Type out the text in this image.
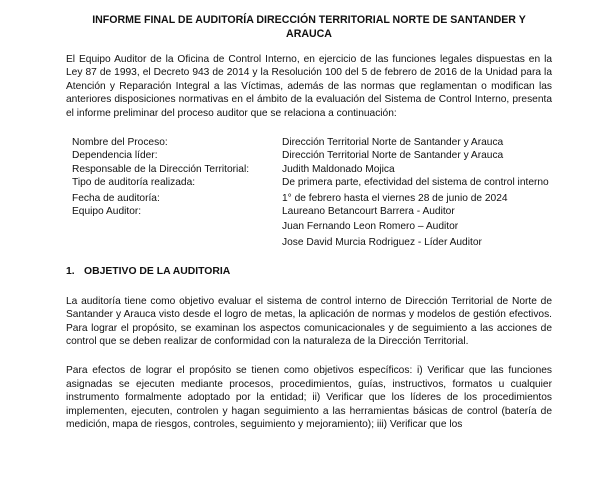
INFORME FINAL DE AUDITORÍA DIRECCIÓN TERRITORIAL NORTE DE SANTANDER Y ARAUCA
El Equipo Auditor de la Oficina de Control Interno, en ejercicio de las funciones legales dispuestas en la Ley 87 de 1993, el Decreto 943 de 2014 y la Resolución 100 del 5 de febrero de 2016 de la Unidad para la Atención y Reparación Integral a las Víctimas, además de las normas que reglamentan o modifican las anteriores disposiciones normativas en el ámbito de la evaluación del Sistema de Control Interno, presenta el informe preliminar del proceso auditor que se relaciona a continuación:
Nombre del Proceso:	Dirección Territorial Norte de Santander y Arauca
Dependencia líder:	Dirección Territorial Norte de Santander y Arauca
Responsable de la Dirección Territorial:	Judith Maldonado Mojica
Tipo de auditoría realizada:	De primera parte, efectividad del sistema de control interno
Fecha de auditoría:	1° de febrero hasta el viernes 28 de junio de 2024
Equipo Auditor:	Laureano Betancourt Barrera - Auditor
Juan Fernando Leon Romero – Auditor
Jose David Murcia Rodriguez - Líder Auditor
1. OBJETIVO DE LA AUDITORIA
La auditoría tiene como objetivo evaluar el sistema de control interno de Dirección Territorial de Norte de Santander y Arauca visto desde el logro de metas, la aplicación de normas y modelos de gestión efectivos. Para lograr el propósito, se examinan los aspectos comunicacionales y de seguimiento a las acciones de control que se deben realizar de conformidad con la naturaleza de la Dirección Territorial.
Para efectos de lograr el propósito se tienen como objetivos específicos: i) Verificar que las funciones asignadas se ejecuten mediante procesos, procedimientos, guías, instructivos, formatos u cualquier instrumento formalmente adoptado por la entidad; ii) Verificar que los líderes de los procedimientos implementen, ejecuten, controlen y hagan seguimiento a las herramientas básicas de control (batería de medición, mapa de riesgos, controles, seguimiento y mejoramiento); iii) Verificar que los
